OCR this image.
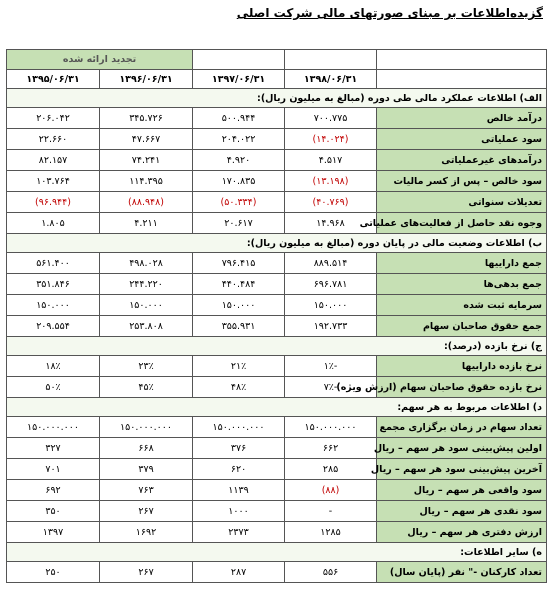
گزیده‌اطلاعات بر مبنای صورتهای مالی شرکت اصلی
			تجدید ارائه شده	
	۱۳۹۸/۰۶/۳۱	۱۳۹۷/۰۶/۳۱	۱۳۹۶/۰۶/۳۱	۱۳۹۵/۰۶/۳۱
الف) اطلاعات عملکرد مالی طی دوره (مبالغ به میلیون ریال):				
درآمد خالص	۷۰۰.۷۷۵	۵۰۰.۹۴۴	۳۴۵.۷۲۶	۲۰۶.۰۴۲
سود عملیاتی	(۱۴.۰۲۴)	۲۰۴.۰۲۲	۴۷.۶۶۷	۲۲.۶۶۰
درآمدهای غیرعملیاتی	۴.۵۱۷	۴.۹۲۰	۷۴.۲۴۱	۸۲.۱۵۷
سود خالص – پس از کسر مالیات	(۱۳.۱۹۸)	۱۷۰.۸۳۵	۱۱۴.۳۹۵	۱۰۳.۷۶۴
تعدیلات سنواتی	(۴۰.۷۶۹)	(۵۰.۳۳۴)	(۸۸.۹۴۸)	(۹۶.۹۴۴)
وجوه نقد حاصل از فعالیت‌های عملیاتی	۱۴.۹۶۸	۲۰.۶۱۷	۴.۲۱۱	۱.۸۰۵
ب) اطلاعات وضعیت مالی در پایان دوره (مبالغ به میلیون ریال):				
جمع داراییها	۸۸۹.۵۱۴	۷۹۶.۴۱۵	۴۹۸.۰۲۸	۵۶۱.۴۰۰
جمع بدهی‌ها	۶۹۶.۷۸۱	۴۴۰.۴۸۴	۲۴۴.۲۲۰	۳۵۱.۸۴۶
سرمایه ثبت شده	۱۵۰.۰۰۰	۱۵۰.۰۰۰	۱۵۰.۰۰۰	۱۵۰.۰۰۰
جمع حقوق صاحبان سهام	۱۹۲.۷۳۳	۳۵۵.۹۳۱	۲۵۳.۸۰۸	۲۰۹.۵۵۴
ج) نرخ بازده (درصد):				
نرخ بازده داراییها	-۱٪	۲۱٪	۲۳٪	۱۸٪
نرخ بازده حقوق صاحبان سهام (ارزش ویژه)	-۷٪	۴۸٪	۴۵٪	۵۰٪
د) اطلاعات مربوط به هر سهم:				
تعداد سهام در زمان برگزاری مجمع	۱۵۰.۰۰۰.۰۰۰	۱۵۰.۰۰۰.۰۰۰	۱۵۰.۰۰۰.۰۰۰	۱۵۰.۰۰۰.۰۰۰
اولین پیش‌بینی سود هر سهم – ریال	۶۶۲	۳۷۶	۶۶۸	۳۲۷
آخرین پیش‌بینی سود هر سهم – ریال	۲۸۵	۶۲۰	۳۷۹	۷۰۱
سود واقعی هر سهم – ریال	(۸۸)	۱۱۳۹	۷۶۳	۶۹۲
سود نقدی هر سهم – ریال	-	۱۰۰۰	۲۶۷	۳۵۰
ارزش دفتری هر سهم – ریال	۱۲۸۵	۲۳۷۳	۱۶۹۲	۱۳۹۷
ه) سایر اطلاعات:				
تعداد کارکنان -" نفر (پایان سال)	۵۵۶	۲۸۷	۲۶۷	۲۵۰
